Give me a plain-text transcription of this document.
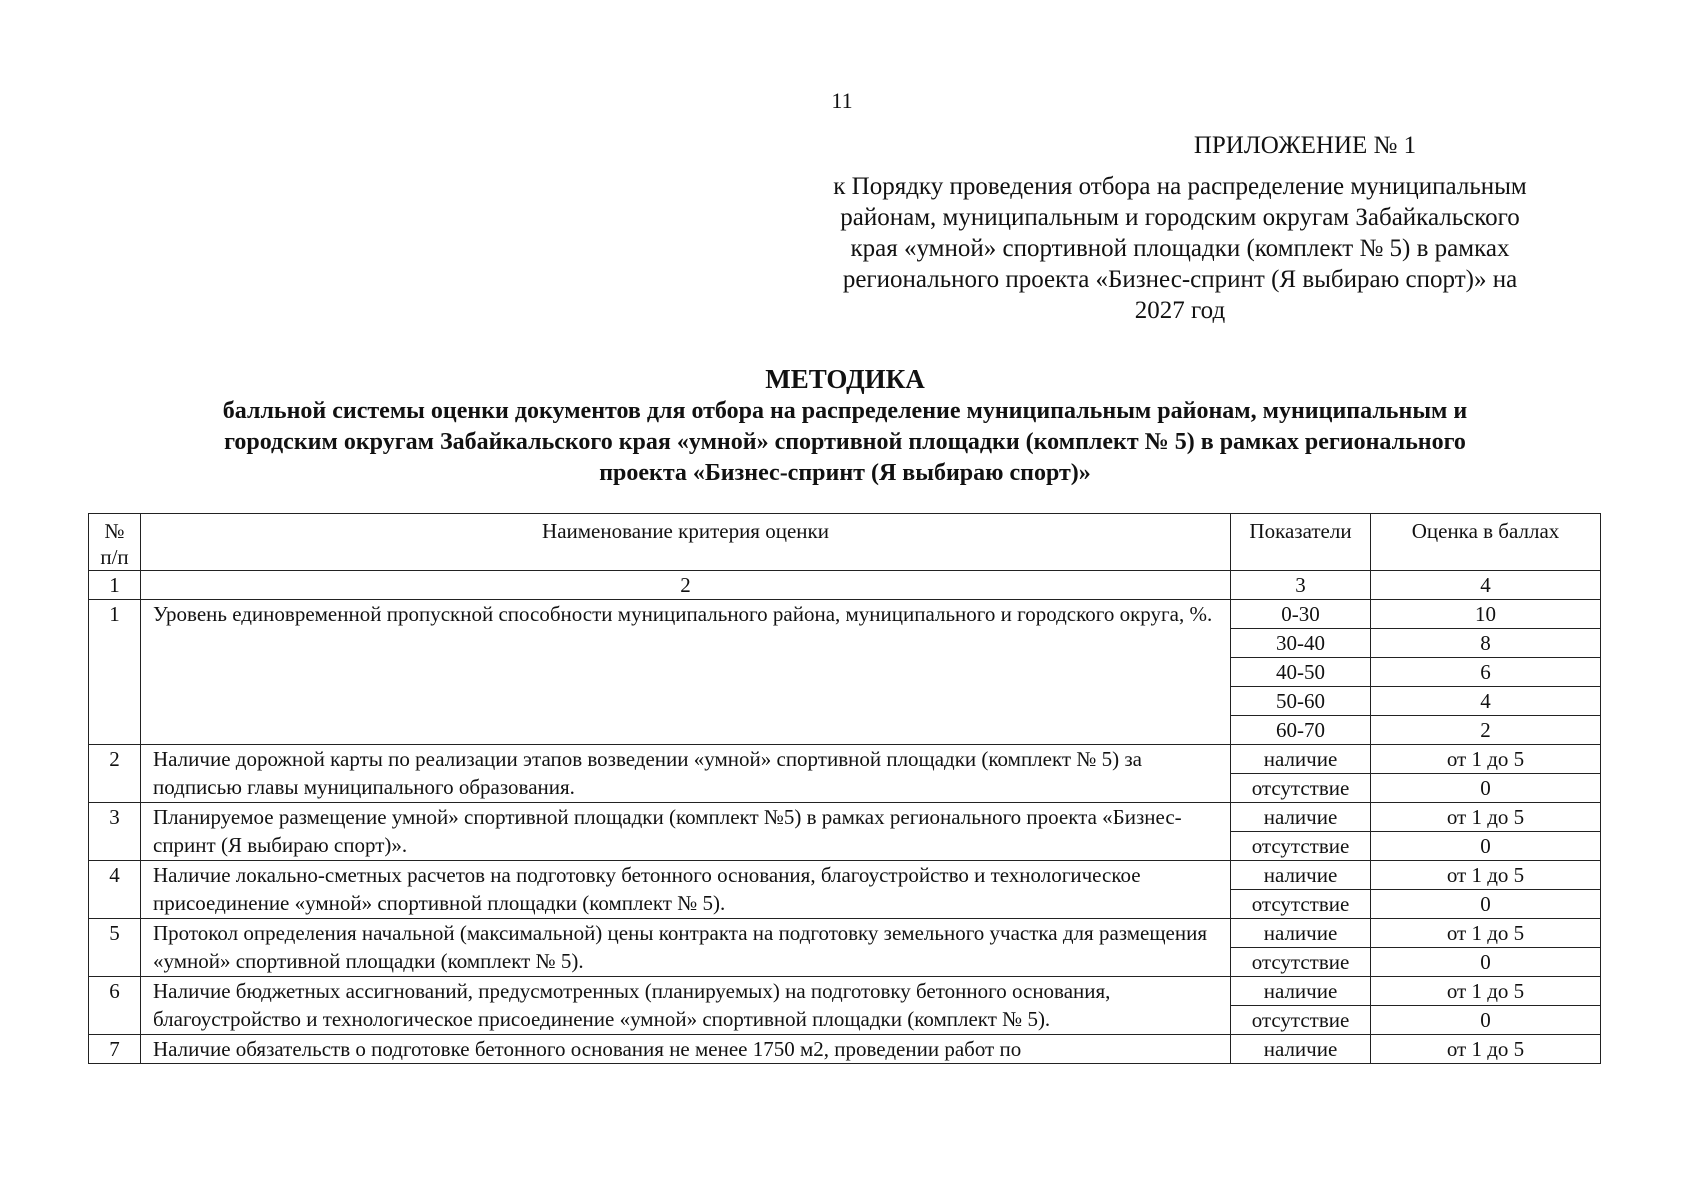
11
ПРИЛОЖЕНИЕ № 1

к Порядку проведения отбора на распределение муниципальным

районам, муниципальным и городским округам Забайкальского

края «умной» спортивной площадки (комплект № 5) в рамках

регионального проекта «Бизнес-спринт (Я выбираю спорт)» на

2027 год

МЕТОДИКА
балльной системы оценки документов для отбора на распределение муниципальным районам, муниципальным и
городским округам Забайкальского края «умной» спортивной площадки (комплект № 5) в рамках регионального
проекта «Бизнес-спринт (Я выбираю спорт)»
№ п/п	Наименование критерия оценки	Показатели	Оценка в баллах
1	2	3	4
1	Уровень единовременной пропускной способности муниципального района, муниципального и городского округа, %.	0-30	10
		30-40	8
		40-50	6
		50-60	4
		60-70	2
2	Наличие дорожной карты по реализации этапов возведении «умной» спортивной площадки (комплект № 5) за подписью главы муниципального образования.	наличие	от 1 до 5
		отсутствие	0
3	Планируемое размещение умной» спортивной площадки (комплект №5) в рамках регионального проекта «Бизнес-спринт (Я выбираю спорт)».	наличие	от 1 до 5
		отсутствие	0
4	Наличие локально-сметных расчетов на подготовку бетонного основания, благоустройство и технологическое присоединение «умной» спортивной площадки (комплект № 5).	наличие	от 1 до 5
		отсутствие	0
5	Протокол определения начальной (максимальной) цены контракта на подготовку земельного участка для размещения «умной» спортивной площадки (комплект № 5).	наличие	от 1 до 5
		отсутствие	0
6	Наличие бюджетных ассигнований, предусмотренных (планируемых) на подготовку бетонного основания, благоустройство и технологическое присоединение «умной» спортивной площадки (комплект № 5).	наличие	от 1 до 5
		отсутствие	0
7	Наличие обязательств о подготовке бетонного основания не менее 1750 м2, проведении работ по	наличие	от 1 до 5
